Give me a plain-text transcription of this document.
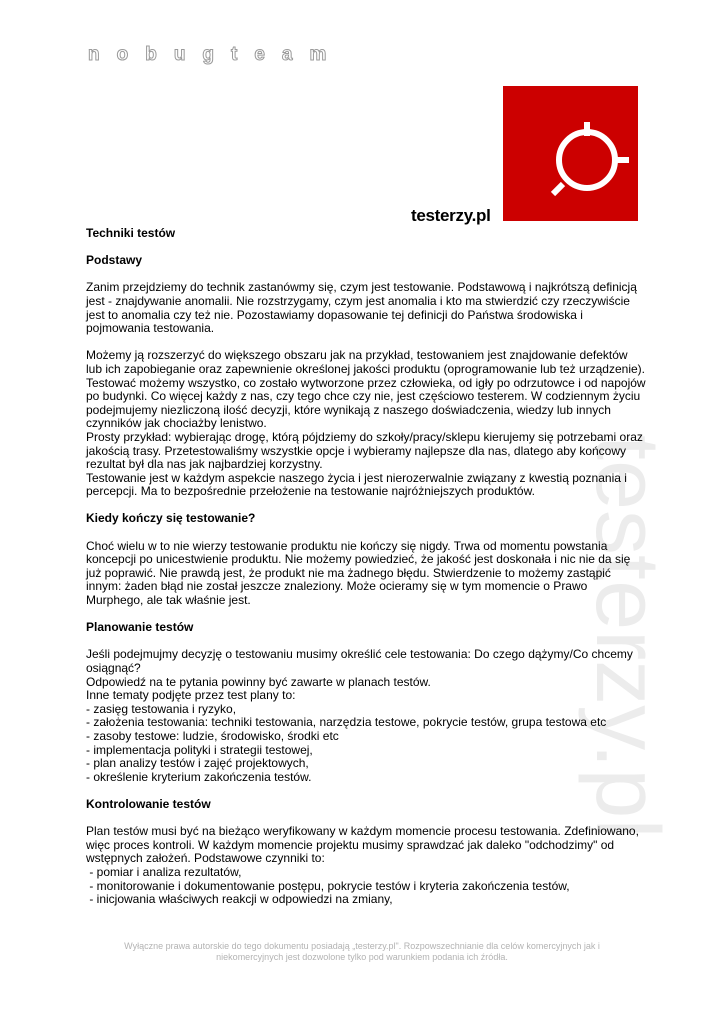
nobugteam
testerzy.pl
testerzy.pl
Techniki testów
Podstawy

Zanim przejdziemy do technik zastanówmy się, czym jest testowanie. Podstawową i najkrótszą definicją jest - znajdywanie anomalii. Nie rozstrzygamy, czym jest anomalia i kto ma stwierdzić czy rzeczywiście jest to anomalia czy też nie. Pozostawiamy dopasowanie tej definicji do Państwa środowiska i pojmowania testowania.

Możemy ją rozszerzyć do większego obszaru jak na przykład, testowaniem jest znajdowanie defektów lub ich zapobieganie oraz zapewnienie określonej jakości produktu (oprogramowanie lub też urządzenie). Testować możemy wszystko, co zostało wytworzone przez człowieka, od igły po odrzutowce i od napojów po budynki. Co więcej każdy z nas, czy tego chce czy nie, jest częściowo testerem. W codziennym życiu podejmujemy niezliczoną ilość decyzji, które wynikają z naszego doświadczenia, wiedzy lub innych czynników jak chociażby lenistwo.

Prosty przykład: wybierając drogę, którą pójdziemy do szkoły/pracy/sklepu kierujemy się potrzebami oraz jakością trasy. Przetestowaliśmy wszystkie opcje i wybieramy najlepsze dla nas, dlatego aby końcowy rezultat był dla nas jak najbardziej korzystny.

Testowanie jest w każdym aspekcie naszego życia i jest nierozerwalnie związany z kwestią poznania i percepcji. Ma to bezpośrednie przełożenie na testowanie najróżniejszych produktów.

Kiedy kończy się testowanie?

Choć wielu w to nie wierzy testowanie produktu nie kończy się nigdy. Trwa od momentu powstania koncepcji po unicestwienie produktu. Nie możemy powiedzieć, że jakość jest doskonała i nic nie da się już poprawić. Nie prawdą jest, że produkt nie ma żadnego błędu. Stwierdzenie to możemy zastąpić innym: żaden błąd nie został jeszcze znaleziony. Może ocieramy się w tym momencie o Prawo Murphego, ale tak właśnie jest.

Planowanie testów

Jeśli podejmujmy decyzję o testowaniu musimy określić cele testowania: Do czego dążymy/Co chcemy osiągnąć?

Odpowiedź na te pytania powinny być zawarte w planach testów.

Inne tematy podjęte przez test plany to:

- zasięg testowania i ryzyko,

- założenia testowania: techniki testowania, narzędzia testowe, pokrycie testów, grupa testowa etc

- zasoby testowe: ludzie, środowisko, środki etc

- implementacja polityki i strategii testowej,

- plan analizy testów i zajęć projektowych,

- określenie kryterium zakończenia testów.

Kontrolowanie testów

Plan testów musi być na bieżąco weryfikowany w każdym momencie procesu testowania. Zdefiniowano, więc proces kontroli. W każdym momencie projektu musimy sprawdzać jak daleko "odchodzimy" od wstępnych założeń. Podstawowe czynniki to:

- pomiar i analiza rezultatów,

- monitorowanie i dokumentowanie postępu, pokrycie testów i kryteria zakończenia testów,

- inicjowania właściwych reakcji w odpowiedzi na zmiany,

Wyłączne prawa autorskie do tego dokumentu posiadają „testerzy.pl". Rozpowszechnianie dla celów komercyjnych jak i
niekomercyjnych jest dozwolone tylko pod warunkiem podania ich źródła.
